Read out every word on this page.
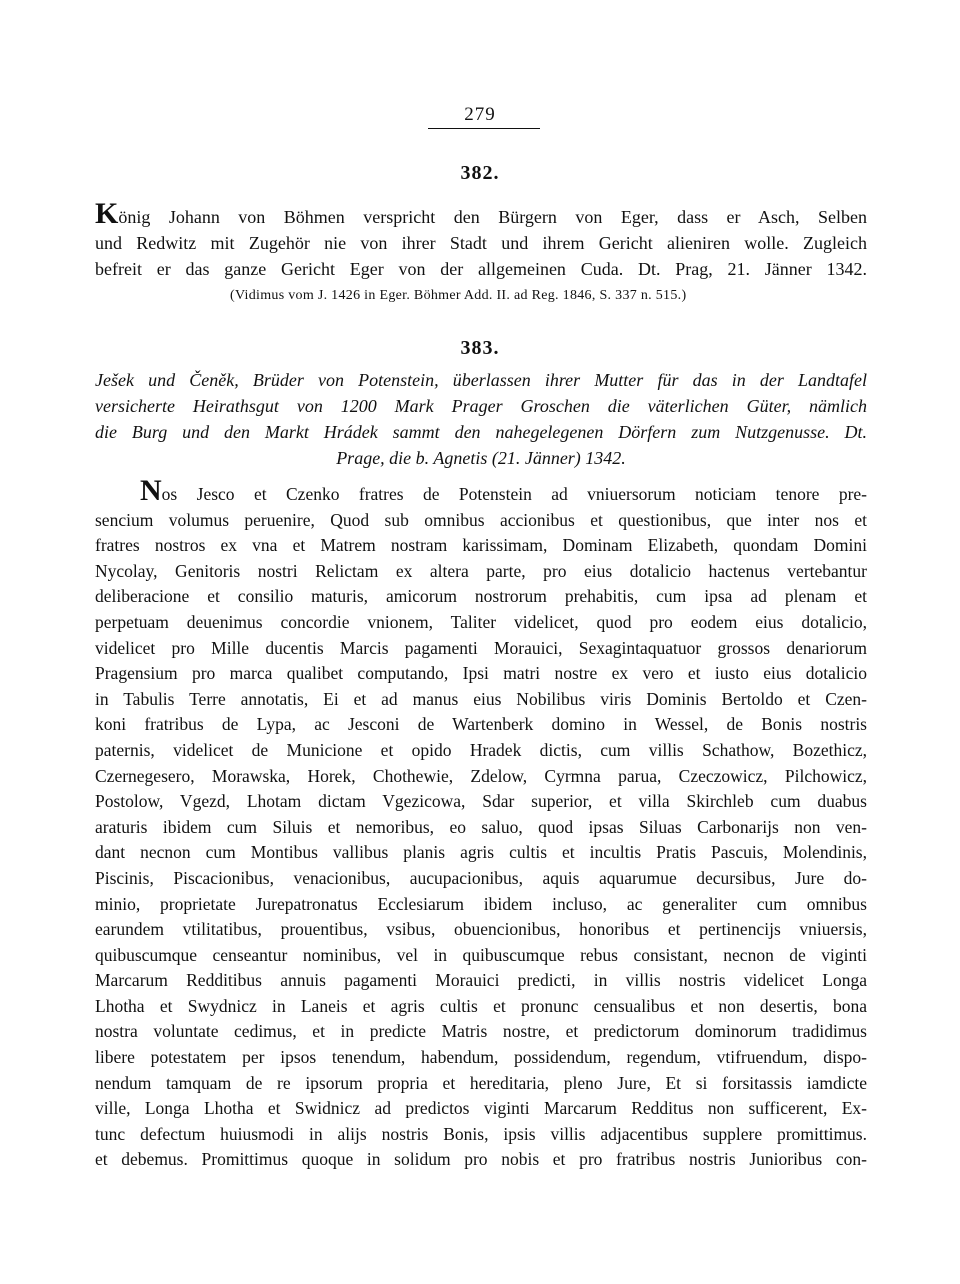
279
382.
König Johann von Böhmen verspricht den Bürgern von Eger, dass er Asch, Selben
und Redwitz mit Zugehör nie von ihrer Stadt und ihrem Gericht alieniren wolle. Zugleich
befreit er das ganze Gericht Eger von der allgemeinen Cuda. Dt. Prag, 21. Jänner 1342.
(Vidimus vom J. 1426 in Eger. Böhmer Add. II. ad Reg. 1846, S. 337 n. 515.)
383.
Ješek und Čeněk, Brüder von Potenstein, überlassen ihrer Mutter für das in der Landtafel
versicherte Heirathsgut von 1200 Mark Prager Groschen die väterlichen Güter, nämlich
die Burg und den Markt Hrádek sammt den nahegelegenen Dörfern zum Nutzgenusse. Dt.
Prage, die b. Agnetis (21. Jänner) 1342.
Nos Jesco et Czenko fratres de Potenstein ad vniuersorum noticiam tenore pre-
sencium volumus peruenire, Quod sub omnibus accionibus et questionibus, que inter nos et
fratres nostros ex vna et Matrem nostram karissimam, Dominam Elizabeth, quondam Domini
Nycolay, Genitoris nostri Relictam ex altera parte, pro eius dotalicio hactenus vertebantur
deliberacione et consilio maturis, amicorum nostrorum prehabitis, cum ipsa ad plenam et
perpetuam deuenimus concordie vnionem, Taliter videlicet, quod pro eodem eius dotalicio,
videlicet pro Mille ducentis Marcis pagamenti Morauici, Sexagintaquatuor grossos denariorum
Pragensium pro marca qualibet computando, Ipsi matri nostre ex vero et iusto eius dotalicio
in Tabulis Terre annotatis, Ei et ad manus eius Nobilibus viris Dominis Bertoldo et Czen-
koni fratribus de Lypa, ac Jesconi de Wartenberk domino in Wessel, de Bonis nostris
paternis, videlicet de Municione et opido Hradek dictis, cum villis Schathow, Bozethicz,
Czernegesero, Morawska, Horek, Chothewie, Zdelow, Cyrmna parua, Czeczowicz, Pilchowicz,
Postolow, Vgezd, Lhotam dictam Vgezicowa, Sdar superior, et villa Skirchleb cum duabus
araturis ibidem cum Siluis et nemoribus, eo saluo, quod ipsas Siluas Carbonarijs non ven-
dant necnon cum Montibus vallibus planis agris cultis et incultis Pratis Pascuis, Molendinis,
Piscinis, Piscacionibus, venacionibus, aucupacionibus, aquis aquarumue decursibus, Jure do-
minio, proprietate Jurepatronatus Ecclesiarum ibidem incluso, ac generaliter cum omnibus
earundem vtilitatibus, prouentibus, vsibus, obuencionibus, honoribus et pertinencijs vniuersis,
quibuscumque censeantur nominibus, vel in quibuscumque rebus consistant, necnon de viginti
Marcarum Redditibus annuis pagamenti Morauici predicti, in villis nostris videlicet Longa
Lhotha et Swydnicz in Laneis et agris cultis et pronunc censualibus et non desertis, bona
nostra voluntate cedimus, et in predicte Matris nostre, et predictorum dominorum tradidimus
libere potestatem per ipsos tenendum, habendum, possidendum, regendum, vtifruendum, dispo-
nendum tamquam de re ipsorum propria et hereditaria, pleno Jure, Et si forsitassis iamdicte
ville, Longa Lhotha et Swidnicz ad predictos viginti Marcarum Redditus non sufficerent, Ex-
tunc defectum huiusmodi in alijs nostris Bonis, ipsis villis adjacentibus supplere promittimus.
et debemus. Promittimus quoque in solidum pro nobis et pro fratribus nostris Junioribus con-
